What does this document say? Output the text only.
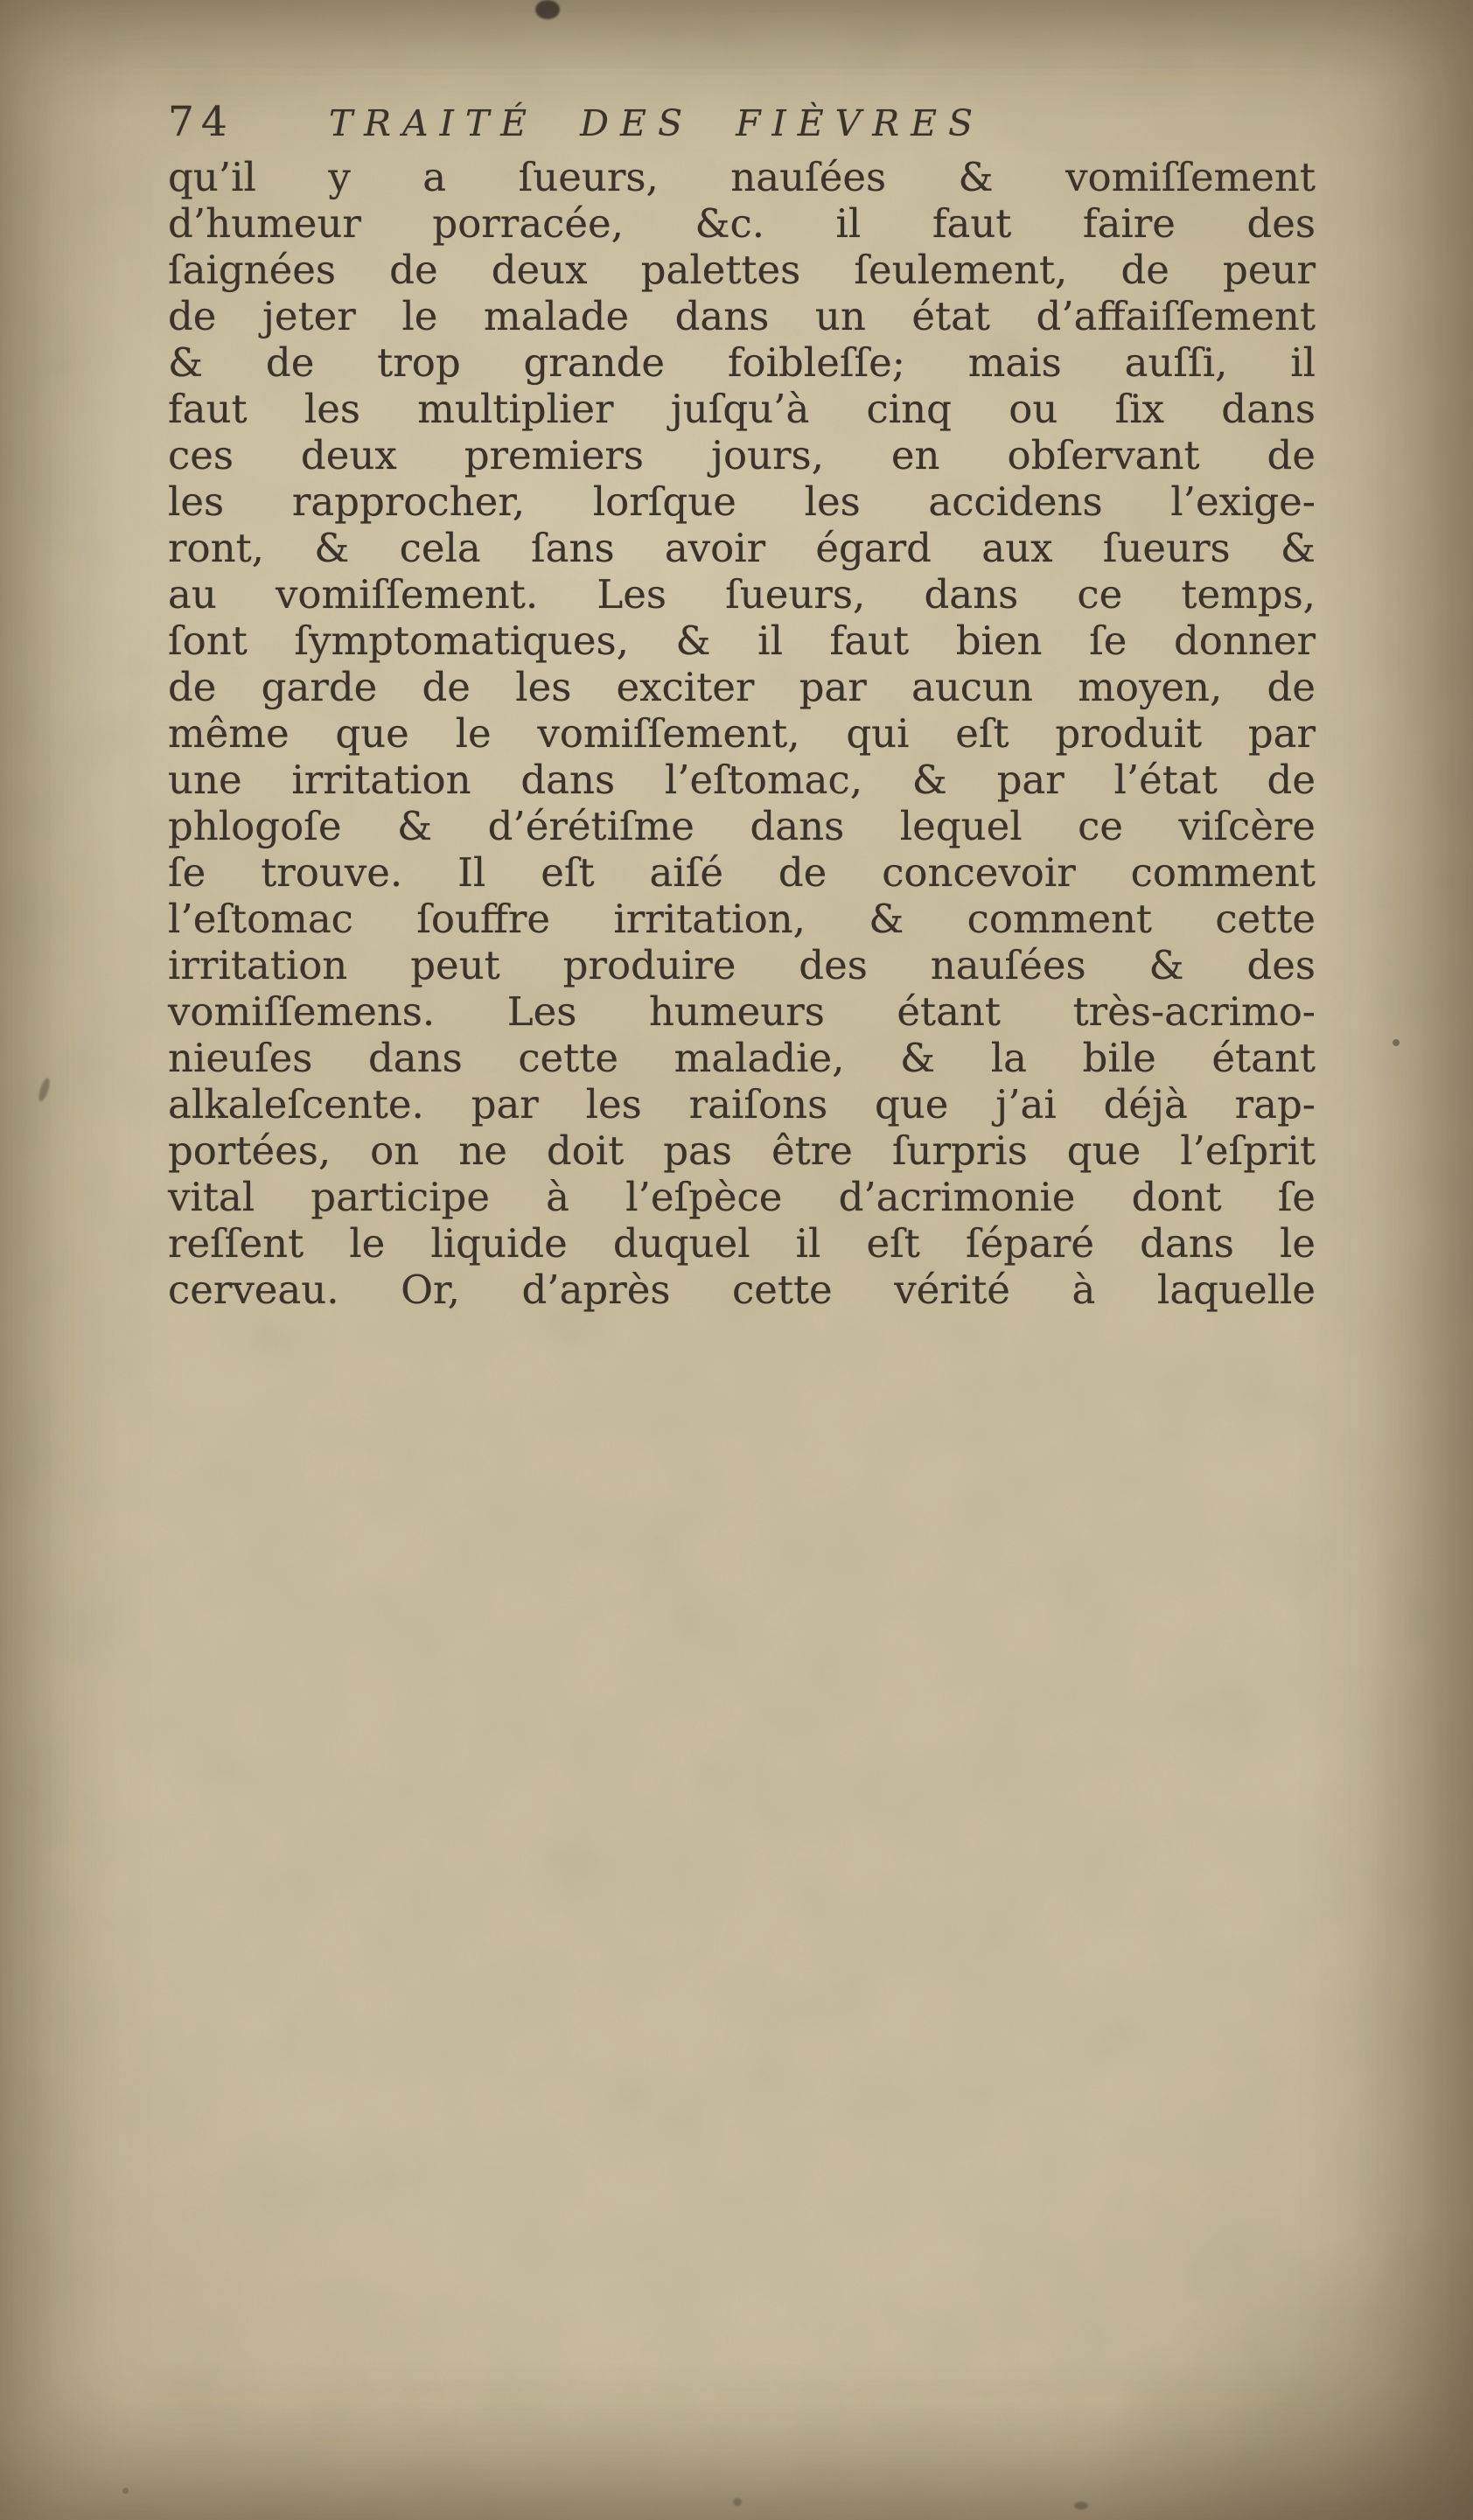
74	TRAITÉ DES FIÈVRES
qu’il y a ſueurs, nauſées & vomiſſement
d’humeur porracée, &c. il faut faire des
ſaignées de deux palettes ſeulement, de peur
de jeter le malade dans un état d’affaiſſement
& de trop grande foibleſſe; mais auſſi, il
faut les multiplier juſqu’à cinq ou ſix dans
ces deux premiers jours, en obſervant de
les rapprocher, lorſque les accidens l’exige-
ront, & cela ſans avoir égard aux ſueurs &
au vomiſſement. Les ſueurs, dans ce temps,
ſont ſymptomatiques, & il faut bien ſe donner
de garde de les exciter par aucun moyen, de
même que le vomiſſement, qui eſt produit par
une irritation dans l’eſtomac, & par l’état de
phlogoſe & d’érétiſme dans lequel ce viſcère
ſe trouve. Il eſt aiſé de concevoir comment
l’eſtomac ſouffre irritation, & comment cette
irritation peut produire des nauſées & des
vomiſſemens. Les humeurs étant très-acrimo-
nieuſes dans cette maladie, & la bile étant
alkaleſcente. par les raiſons que j’ai déjà rap-
portées, on ne doit pas être ſurpris que l’eſprit
vital participe à l’eſpèce d’acrimonie dont ſe
reſſent le liquide duquel il eſt ſéparé dans le
cerveau. Or, d’après cette vérité à laquelle
